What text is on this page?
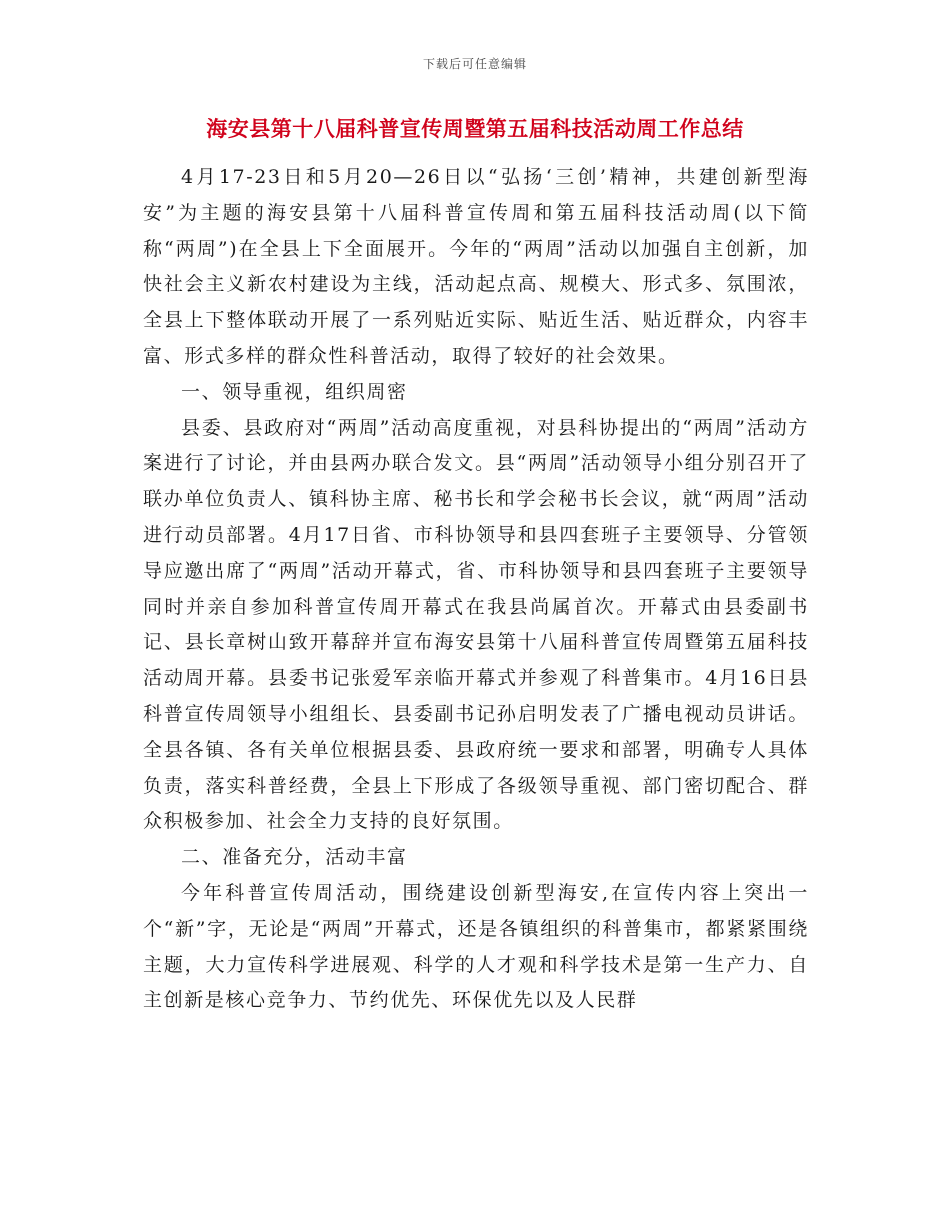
下载后可任意编辑
海安县第十八届科普宣传周暨第五届科技活动周工作总结

4月17-23日和5月20—26日以“弘扬‘三创’精神，共建创新型海安”为主题的海安县第十八届科普宣传周和第五届科技活动周(以下简称“两周”)在全县上下全面展开。今年的“两周”活动以加强自主创新，加快社会主义新农村建设为主线，活动起点高、规模大、形式多、氛围浓，全县上下整体联动开展了一系列贴近实际、贴近生活、贴近群众，内容丰富、形式多样的群众性科普活动，取得了较好的社会效果。

一、领导重视，组织周密

县委、县政府对“两周”活动高度重视，对县科协提出的“两周”活动方案进行了讨论，并由县两办联合发文。县“两周”活动领导小组分别召开了联办单位负责人、镇科协主席、秘书长和学会秘书长会议，就“两周”活动进行动员部署。4月17日省、市科协领导和县四套班子主要领导、分管领导应邀出席了“两周”活动开幕式，省、市科协领导和县四套班子主要领导同时并亲自参加科普宣传周开幕式在我县尚属首次。开幕式由县委副书记、县长章树山致开幕辞并宣布海安县第十八届科普宣传周暨第五届科技活动周开幕。县委书记张爱军亲临开幕式并参观了科普集市。4月16日县科普宣传周领导小组组长、县委副书记孙启明发表了广播电视动员讲话。全县各镇、各有关单位根据县委、县政府统一要求和部署，明确专人具体负责，落实科普经费，全县上下形成了各级领导重视、部门密切配合、群众积极参加、社会全力支持的良好氛围。

二、准备充分，活动丰富

今年科普宣传周活动，围绕建设创新型海安,在宣传内容上突出一个“新”字，无论是“两周”开幕式，还是各镇组织的科普集市，都紧紧围绕主题，大力宣传科学进展观、科学的人才观和科学技术是第一生产力、自主创新是核心竞争力、节约优先、环保优先以及人民群
